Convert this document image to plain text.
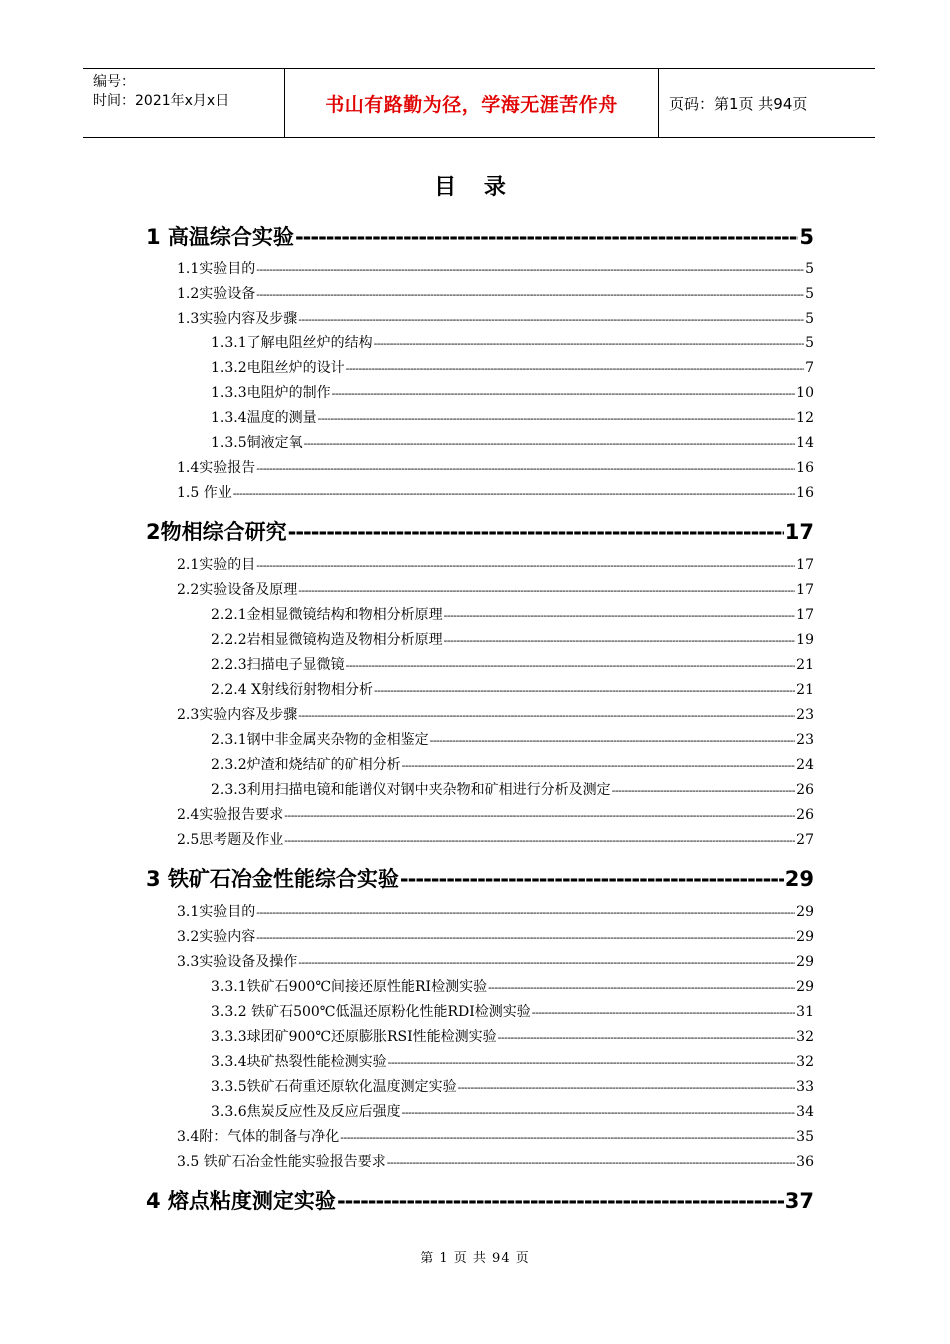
编号：
时间：2021年x月x日	书山有路勤为径，学海无涯苦作舟	页码：第1页 共94页
目 录
1 高温综合实验 -----	5
1.1实验目的 -----	5
1.2实验设备 -----	5
1.3实验内容及步骤 -----	5
1.3.1了解电阻丝炉的结构 -----	5
1.3.2电阻丝炉的设计 -----	7
1.3.3电阻炉的制作 -----	10
1.3.4温度的测量 -----	12
1.3.5铜液定氧 -----	14
1.4实验报告 -----	16
1.5 作业 -----	16
2物相综合研究 -----	17
2.1实验的目 -----	17
2.2实验设备及原理 -----	17
2.2.1金相显微镜结构和物相分析原理 -----	17
2.2.2岩相显微镜构造及物相分析原理 -----	19
2.2.3扫描电子显微镜 -----	21
2.2.4 X射线衍射物相分析 -----	21
2.3实验内容及步骤 -----	23
2.3.1钢中非金属夹杂物的金相鉴定 -----	23
2.3.2炉渣和烧结矿的矿相分析 -----	24
2.3.3利用扫描电镜和能谱仪对钢中夹杂物和矿相进行分析及测定 -----	26
2.4实验报告要求 -----	26
2.5思考题及作业 -----	27
3 铁矿石冶金性能综合实验 -----	29
3.1实验目的 -----	29
3.2实验内容 -----	29
3.3实验设备及操作 -----	29
3.3.1铁矿石900℃间接还原性能RI检测实验 -----	29
3.3.2 铁矿石500℃低温还原粉化性能RDI检测实验 -----	31
3.3.3球团矿900℃还原膨胀RSI性能检测实验 -----	32
3.3.4块矿热裂性能检测实验 -----	32
3.3.5铁矿石荷重还原软化温度测定实验 -----	33
3.3.6焦炭反应性及反应后强度 -----	34
3.4附：气体的制备与净化 -----	35
3.5 铁矿石冶金性能实验报告要求 -----	36
4 熔点粘度测定实验 -----	37
第 1 页 共 94 页
